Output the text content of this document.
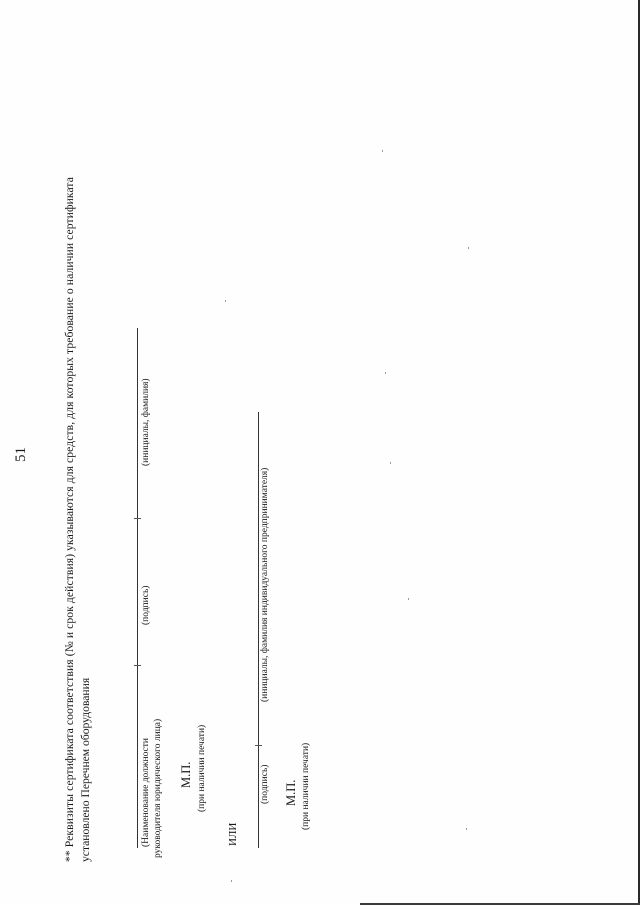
51	** Реквизиты сертификата соответствия (№ и срок действия) указываются для средств, для которых требование о наличии сертификата установлено Перечнем оборудования	(Наименование должности руководителя юридического лица)
(подпись)
(инициалы, фамилия)
М.П. (при наличии печати)
ИЛИ
(подпись)
(инициалы, фамилия индивидуального предпринимателя)
М.П. (при наличии печати)
